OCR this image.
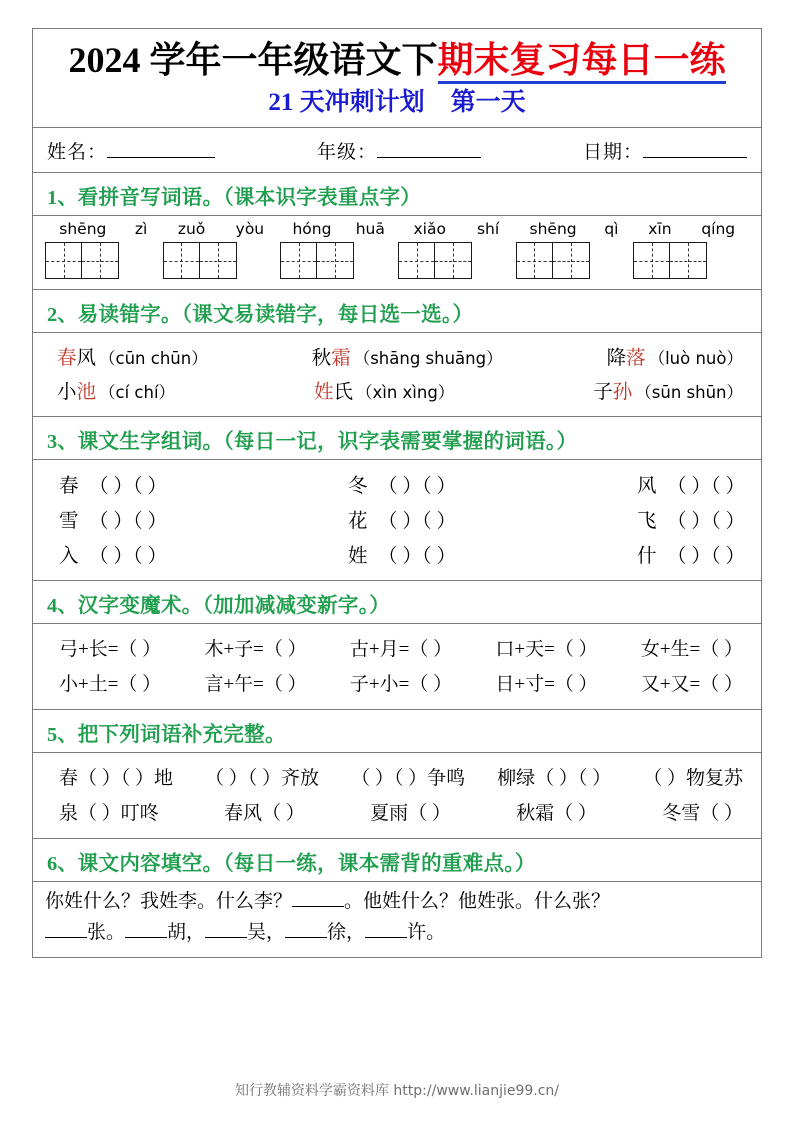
2024 学年一年级语文下期末复习每日一练
21 天冲刺计划 第一天
姓名：	年级：	日期：
1、看拼音写词语。（课本识字表重点字）
shēng zì zuǒ yòu hóng huā xiǎo shí shēng qì xīn qíng
2、易读错字。（课文易读错字，每日选一选。）
春风 （cūn chūn）	秋霜 （shāng shuāng）	降落 （luò nuò）
小池 （cí chí）	姓氏 （xìn xìng）	子孙 （sūn shūn）
3、课文生字组词。（每日一记，识字表需要掌握的词语。）
春 （ ）（ ）	冬 （ ）（ ）	风 （ ）（ ）
雪 （ ）（ ）	花 （ ）（ ）	飞 （ ）（ ）
入 （ ）（ ）	姓 （ ）（ ）	什 （ ）（ ）
4、汉字变魔术。（加加减减变新字。）
弓+长=（ ） 木+子=（ ） 古+月=（ ） 口+天=（ ） 女+生=（ ）
小+土=（ ） 言+午=（ ） 子+小=（ ） 日+寸=（ ） 又+又=（ ）
5、把下列词语补充完整。
春（ ）（ ）地 （ ）（ ）齐放 （ ）（ ）争鸣 柳绿（ ）（ ） （ ）物复苏
泉（ ）叮咚	春风（ ）	夏雨（ ）	秋霜（ ）	冬雪（ ）
6、课文内容填空。（每日一练，课本需背的重难点。）
你姓什么？我姓李。什么李？	。他姓什么？他姓张。什么张？
张。 胡， 吴， 徐， 许。
知行教辅资料学霸资料库 http://www.lianjie99.cn/
